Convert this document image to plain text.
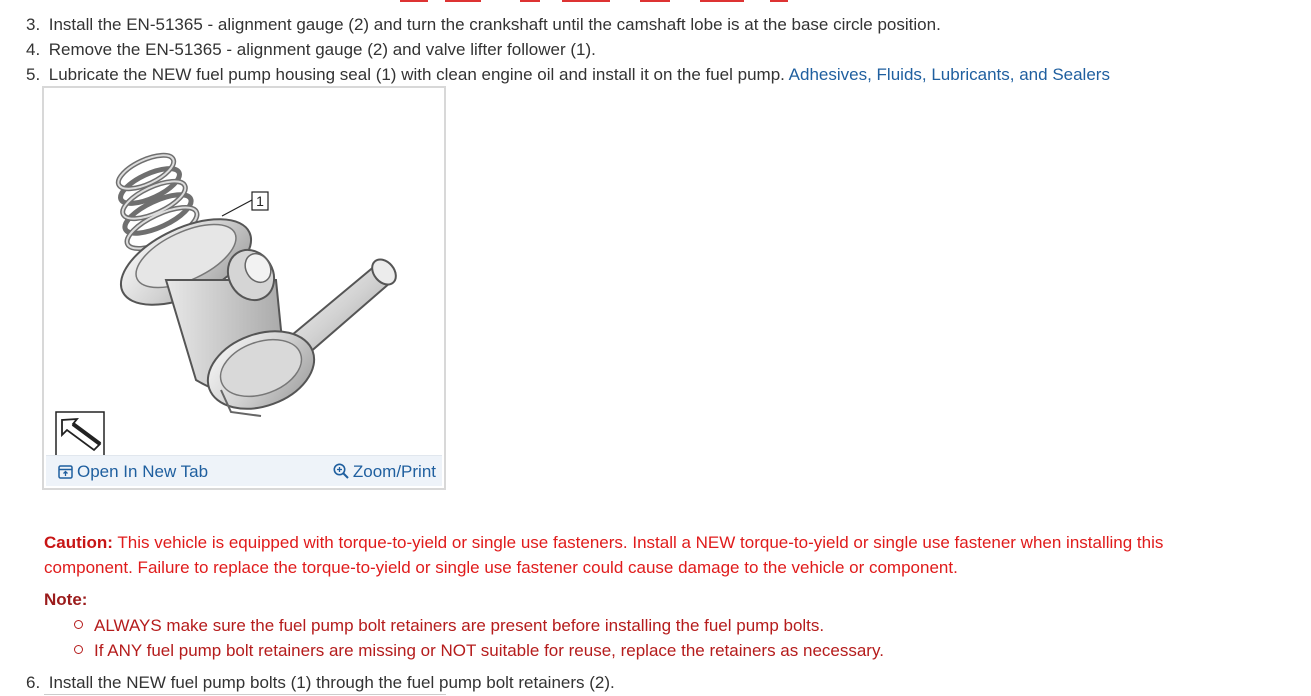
3. Install the EN-51365 - alignment gauge (2) and turn the crankshaft until the camshaft lobe is at the base circle position.
4. Remove the EN-51365 - alignment gauge (2) and valve lifter follower (1).
5. Lubricate the NEW fuel pump housing seal (1) with clean engine oil and install it on the fuel pump. Adhesives, Fluids, Lubricants, and Sealers
1
Open In New Tab	Zoom/Print
Caution: This vehicle is equipped with torque-to-yield or single use fasteners. Install a NEW torque-to-yield or single use fastener when installing this component. Failure to replace the torque-to-yield or single use fastener could cause damage to the vehicle or component.
Note:
ALWAYS make sure the fuel pump bolt retainers are present before installing the fuel pump bolts.
If ANY fuel pump bolt retainers are missing or NOT suitable for reuse, replace the retainers as necessary.
6. Install the NEW fuel pump bolts (1) through the fuel pump bolt retainers (2).
